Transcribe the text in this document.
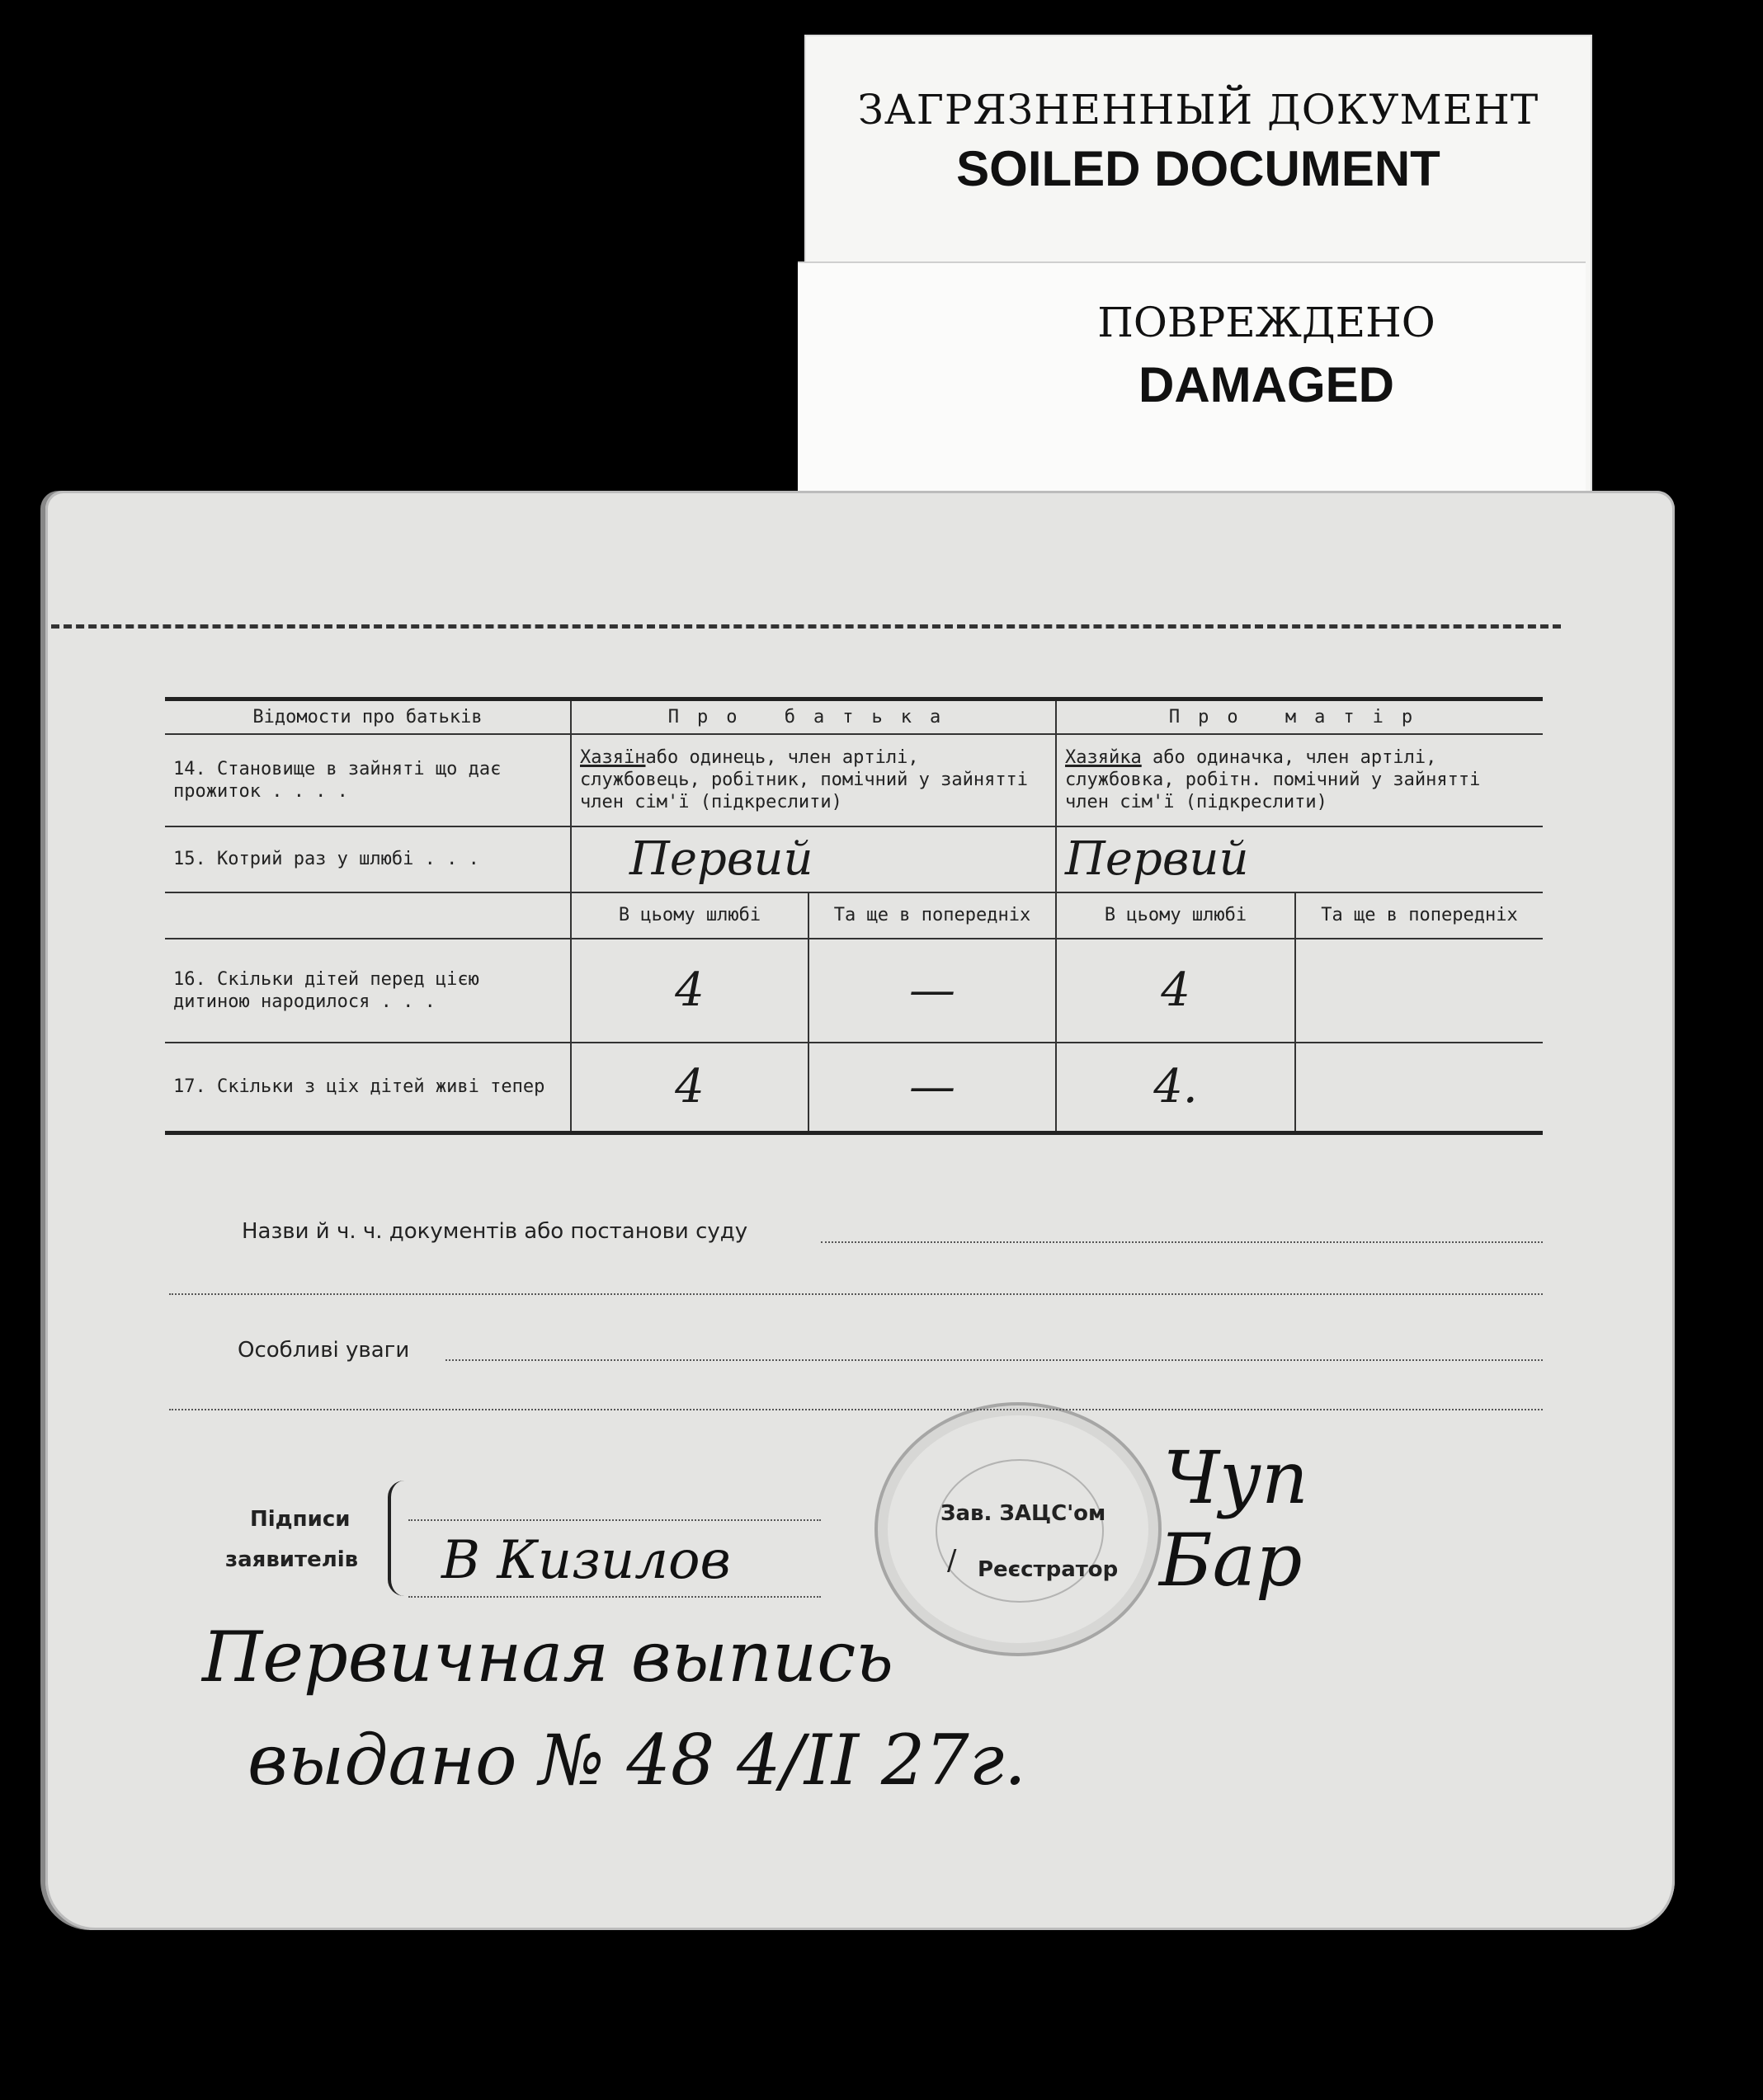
ЗАГРЯЗНЕННЫЙ ДОКУМЕНТ
SOILED DOCUMENT
ПОВРЕЖДЕНО
DAMAGED
Відомости про батьків	Про батька		Про матір	
14. Становище в зайняті що дає прожиток . . . .	Хазяїнабо одинець, член артілі, службовець, робітник, помічний у зайнятті член сім'ї (підкреслити)		Хазяйка або одиначка, член артілі, службовка, робітн. помічний у зайнятті член сім'ї (підкреслити)	
15. Котрий раз у шлюбі . . .	Первий		Первий	
	В цьому шлюбі	Та ще в попередніх	В цьому шлюбі	Та ще в попередніх
16. Скільки дітей перед цією дитиною народилося . . .	4	—	4	
17. Скільки з ціх дітей живі тепер	4	—	4.	
Назви й ч. ч. документів або постанови суду
Особливі уваги
Підписи
заявителів В Кизилов
Зав. ЗАЦС'ом
/ Реєстратор
Чуп
Бар
Первичная выпись
выдано № 48 4/II 27г.
